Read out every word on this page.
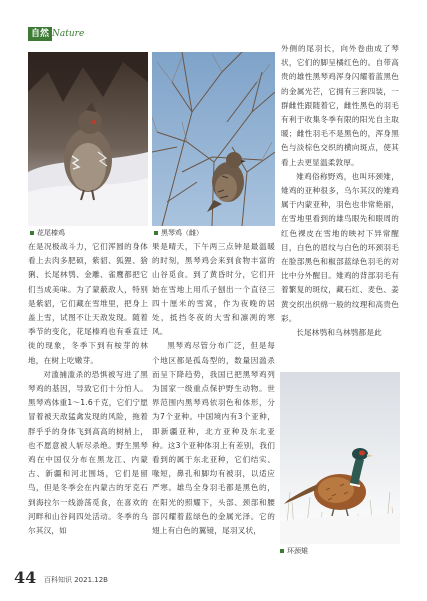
自然 Nature
花尾榛鸡	黑琴鸡（雌）

在是况极战斗力，它们浑圆的身体看上去肉多肥硕，紫貂、狐狸、猞猁、长尾林鸮、金雕、雀鹰都把它们当成美味。为了蒙蔽敌人，特别是紫貂，它们藏在雪堆里，把身上盖上雪，试图不让天敌发现。随着季节的变化，花尾榛鸡也有垂直迁徙的现象，冬季下到有桉芽的林地，在树上吃嫩芽。

对滥捕滥杀的恐惧被写进了黑琴鸡的基因，导致它们十分怕人。黑琴鸡体重1～1.6千克，它们宁愿冒着被天敌猛禽发现的风险，拖着胖乎乎的身体飞到高高的树梢上，也不愿意被人斩尽杀绝。野生黑琴鸡在中国仅分布在黑龙江、内蒙古、新疆和河北围场，它们是留鸟，但是冬季会在内蒙古的牙克石到海拉尔一线游荡觅食，在喜欢的河畔和山谷间四处活动。冬季的乌尔其汉，如

果是晴天，下午两三点钟是最温暖的时刻，黑琴鸡会来到食物丰富的山谷觅食。到了黄昏时分，它们开始在雪地上用爪子刨出一个直径三四十厘米的雪窝，作为夜晚的居处，抵挡冬夜的大雪和凛冽的寒风。

黑琴鸡尽管分布广泛，但是每个地区都是孤岛型的，数量因滥杀而呈下降趋势，我国已把黑琴鸡列为国家一级重点保护野生动物。世界范围内黑琴鸡依羽色和体形，分为7个亚种。中国境内有3个亚种，即新疆亚种，北方亚种及东北亚种。这3个亚种体羽上有差别，我们看到的属于东北亚种，它们结实、喙短，鼻孔和脚均有被羽，以适应严寒。雄鸟全身羽毛都是黑色的，在阳光的照耀下，头部、颈部和腰部闪耀着蓝绿色的金属光泽。它的翅上有白色的翼镜，尾羽叉状，

外侧的尾羽长，向外卷曲成了琴状，它们的脚呈橘红色的。自带高贵的雄性黑琴鸡浑身闪耀着蓝黑色的金属光芒，它拥有三套四装，一群雌性跟随着它，雌性黑色的羽毛有利于收集冬季有限的阳光自主取暖；雌性羽毛不是黑色的，浑身黑色与淡棕色交织的横向斑点，使其看上去更显温柔敦厚。

雉鸡俗称野鸡，也叫环颈雉，雉鸡的亚种很多，乌尔其汉的雉鸡属于内蒙亚种，羽色也非常艳丽，在雪地里看到的雄鸟眼先和眼周的红色裸皮在雪地的映衬下异常醒目，白色的眉纹与白色的环颈羽毛在脸部黑色和椒部蓝绿色羽毛的对比中分外醒目。雉鸡的背部羽毛有着繁复的斑纹，藏石红、麦色、姜黄交织出织绵一般的纹理和高贵色彩。

长尾林鸮和乌林鸮都是此

环颈雉
44 百科知识 2021.12B
